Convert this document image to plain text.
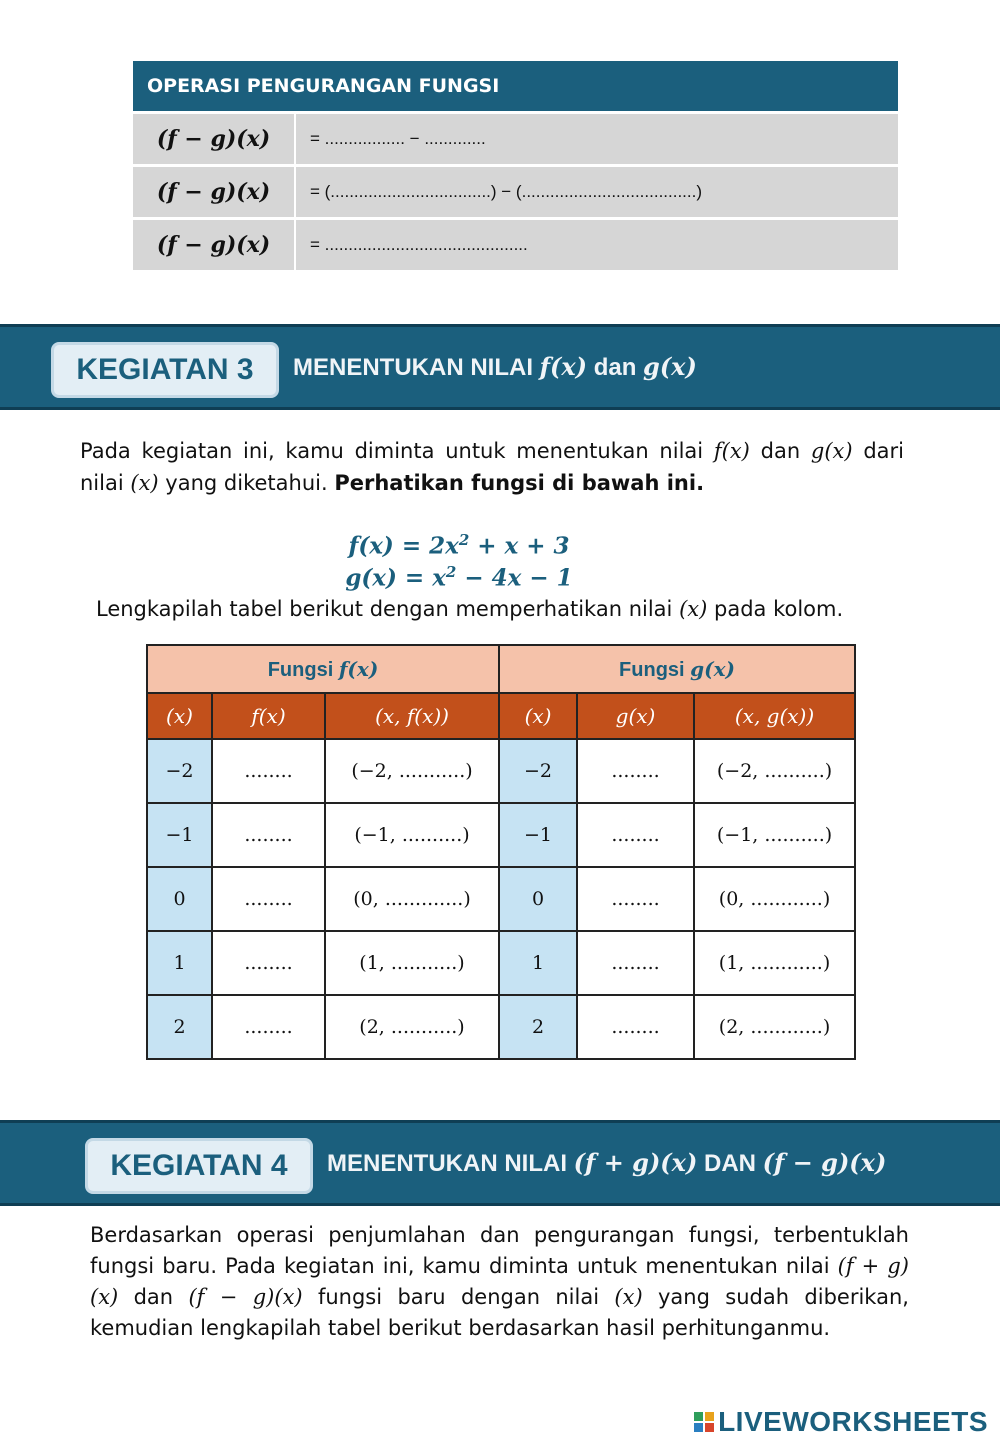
OPERASI PENGURANGAN FUNGSI
(f − g)(x)	= ................. − .............
(f − g)(x)	= (..................................) − (.....................................)
(f − g)(x)	= ...........................................
KEGIATAN 3	MENENTUKAN NILAI f(x) dan g(x)
Pada kegiatan ini, kamu diminta untuk menentukan nilai f(x) dan g(x) dari nilai (x) yang diketahui. Perhatikan fungsi di bawah ini.
$f(x) = 2x^2 + x + 3$
$g(x) = x^2 - 4x - 1$
Lengkapilah tabel berikut dengan memperhatikan nilai (x) pada kolom.
Fungsi f(x)			Fungsi g(x)		
(x)	f(x)	(x, f(x))	(x)	g(x)	(x, g(x))
−2	........	(−2, ...........)	−2	........	(−2, ..........)
−1	........	(−1, ..........)	−1	........	(−1, ..........)
0	........	(0, .............)	0	........	(0, ............)
1	........	(1, ...........)	1	........	(1, ............)
2	........	(2, ...........)	2	........	(2, ............)
KEGIATAN 4	MENENTUKAN NILAI (f + g)(x) DAN (f − g)(x)
Berdasarkan operasi penjumlahan dan pengurangan fungsi, terbentuklah fungsi baru. Pada kegiatan ini, kamu diminta untuk menentukan nilai (f + g)(x) dan (f − g)(x) fungsi baru dengan nilai (x) yang sudah diberikan, kemudian lengkapilah tabel berikut berdasarkan hasil perhitunganmu.
LIVEWORKSHEETS
